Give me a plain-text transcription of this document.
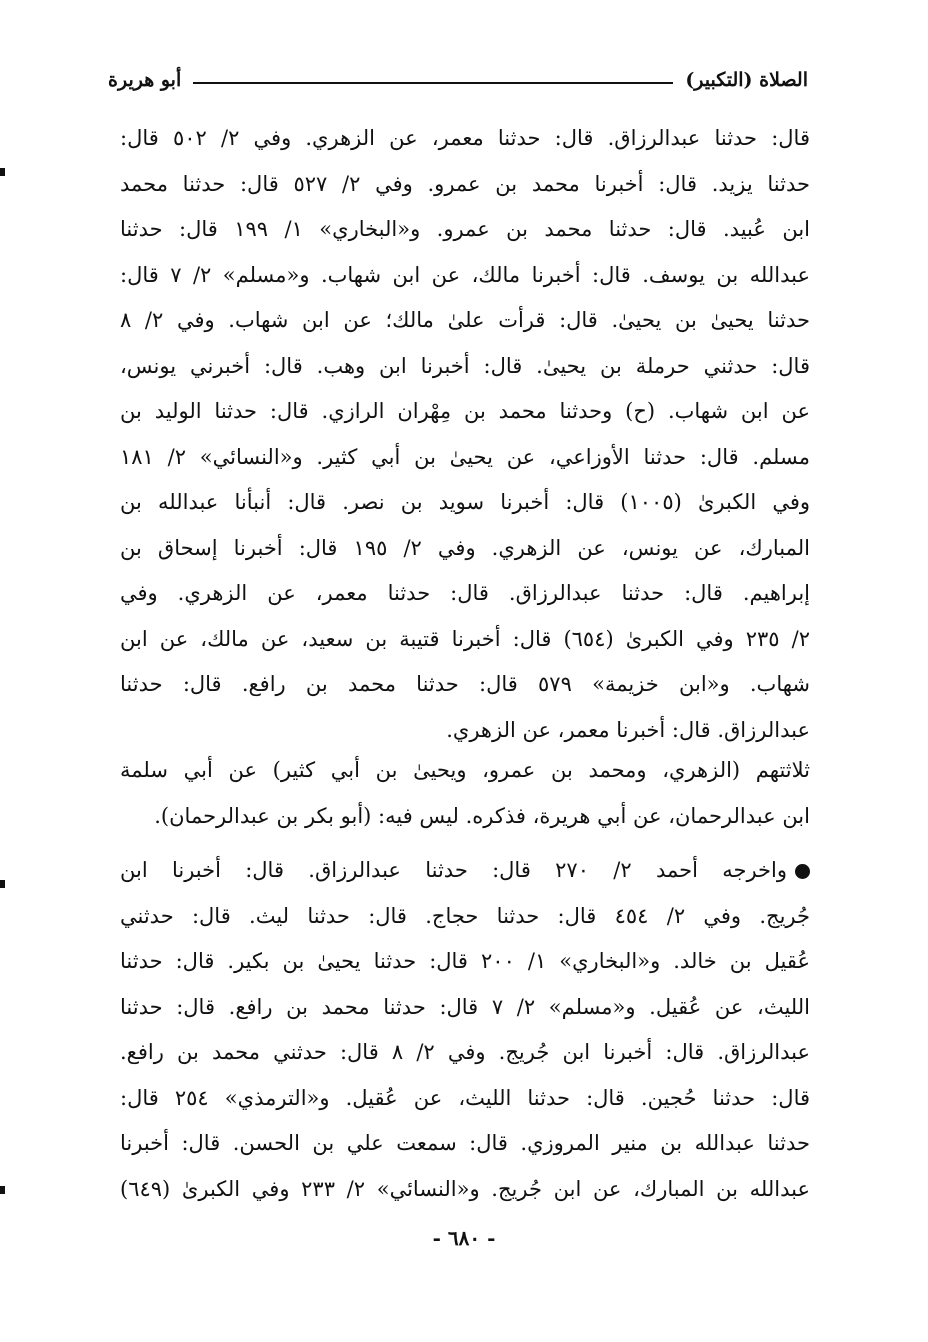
الصلاة (التكبير)
أبو هريرة
قال: حدثنا عبدالرزاق. قال: حدثنا معمر، عن الزهري. وفي ٢/ ٥٠٢ قال:
حدثنا يزيد. قال: أخبرنا محمد بن عمرو. وفي ٢/ ٥٢٧ قال: حدثنا محمد
ابن عُبيد. قال: حدثنا محمد بن عمرو. و«البخاري» ١/ ١٩٩ قال: حدثنا
عبدالله بن يوسف. قال: أخبرنا مالك، عن ابن شهاب. و«مسلم» ٢/ ٧ قال:
حدثنا يحيىٰ بن يحيىٰ. قال: قرأت علىٰ مالك؛ عن ابن شهاب. وفي ٢/ ٨
قال: حدثني حرملة بن يحيىٰ. قال: أخبرنا ابن وهب. قال: أخبرني يونس،
عن ابن شهاب. (ح) وحدثنا محمد بن مِهْران الرازي. قال: حدثنا الوليد بن
مسلم. قال: حدثنا الأوزاعي، عن يحيىٰ بن أبي كثير. و«النسائي» ٢/ ١٨١
وفي الكبرىٰ (١٠٠٥) قال: أخبرنا سويد بن نصر. قال: أنبأنا عبدالله بن
المبارك، عن يونس، عن الزهري. وفي ٢/ ١٩٥ قال: أخبرنا إسحاق بن
إبراهيم. قال: حدثنا عبدالرزاق. قال: حدثنا معمر، عن الزهري. وفي
٢/ ٢٣٥ وفي الكبرىٰ (٦٥٤) قال: أخبرنا قتيبة بن سعيد، عن مالك، عن ابن
شهاب. و«ابن خزيمة» ٥٧٩ قال: حدثنا محمد بن رافع. قال: حدثنا
عبدالرزاق. قال: أخبرنا معمر، عن الزهري.
ثلاثتهم (الزهري، ومحمد بن عمرو، ويحيىٰ بن أبي كثير) عن أبي سلمة
ابن عبدالرحمان، عن أبي هريرة، فذكره. ليس فيه: (أبو بكر بن عبدالرحمان).
واخرجه أحمد ٢/ ٢٧٠ قال: حدثنا عبدالرزاق. قال: أخبرنا ابن
جُريج. وفي ٢/ ٤٥٤ قال: حدثنا حجاج. قال: حدثنا ليث. قال: حدثني
عُقيل بن خالد. و«البخاري» ١/ ٢٠٠ قال: حدثنا يحيىٰ بن بكير. قال: حدثنا
الليث، عن عُقيل. و«مسلم» ٢/ ٧ قال: حدثنا محمد بن رافع. قال: حدثنا
عبدالرزاق. قال: أخبرنا ابن جُريج. وفي ٢/ ٨ قال: حدثني محمد بن رافع.
قال: حدثنا حُجين. قال: حدثنا الليث، عن عُقيل. و«الترمذي» ٢٥٤ قال:
حدثنا عبدالله بن منير المروزي. قال: سمعت علي بن الحسن. قال: أخبرنا
عبدالله بن المبارك، عن ابن جُريج. و«النسائي» ٢/ ٢٣٣ وفي الكبرىٰ (٦٤٩)
- ٦٨٠ -
